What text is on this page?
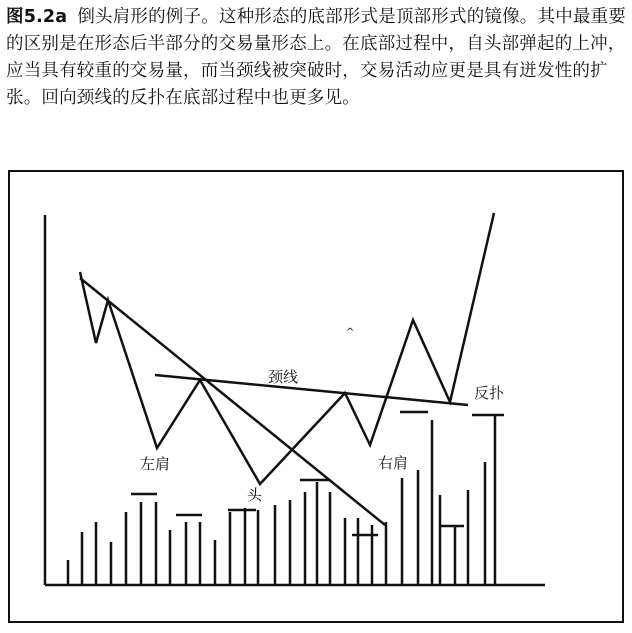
图5.2a 倒头肩形的例子。这种形态的底部形式是顶部形式的镜像。其中最重要的区别是在形态后半部分的交易量形态上。在底部过程中，自头部弹起的上冲，应当具有较重的交易量，而当颈线被突破时，交易活动应更是具有迸发性的扩张。回向颈线的反扑在底部过程中也更多见。

^
颈线
左肩
头
右肩
反扑
